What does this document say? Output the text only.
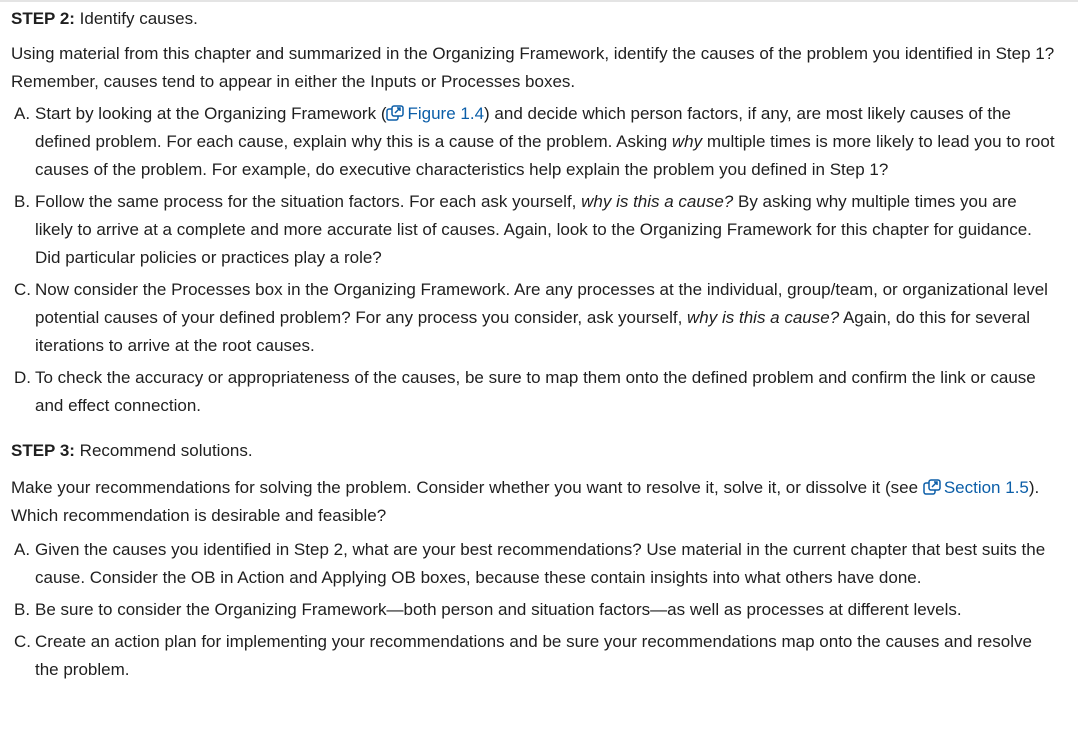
STEP 2: Identify causes.

Using material from this chapter and summarized in the Organizing Framework, identify the causes of the problem you identified in Step 1? Remember, causes tend to appear in either the Inputs or Processes boxes.

A. Start by looking at the Organizing Framework ( Figure 1.4) and decide which person factors, if any, are most likely causes of the defined problem. For each cause, explain why this is a cause of the problem. Asking why multiple times is more likely to lead you to root causes of the problem. For example, do executive characteristics help explain the problem you defined in Step 1?
B. Follow the same process for the situation factors. For each ask yourself, why is this a cause? By asking why multiple times you are likely to arrive at a complete and more accurate list of causes. Again, look to the Organizing Framework for this chapter for guidance. Did particular policies or practices play a role?
C. Now consider the Processes box in the Organizing Framework. Are any processes at the individual, group/team, or organizational level potential causes of your defined problem? For any process you consider, ask yourself, why is this a cause? Again, do this for several iterations to arrive at the root causes.
D. To check the accuracy or appropriateness of the causes, be sure to map them onto the defined problem and confirm the link or cause and effect connection.

STEP 3: Recommend solutions.

Make your recommendations for solving the problem. Consider whether you want to resolve it, solve it, or dissolve it (see Section 1.5). Which recommendation is desirable and feasible?

A. Given the causes you identified in Step 2, what are your best recommendations? Use material in the current chapter that best suits the cause. Consider the OB in Action and Applying OB boxes, because these contain insights into what others have done.
B. Be sure to consider the Organizing Framework—both person and situation factors—as well as processes at different levels.
C. Create an action plan for implementing your recommendations and be sure your recommendations map onto the causes and resolve the problem.
